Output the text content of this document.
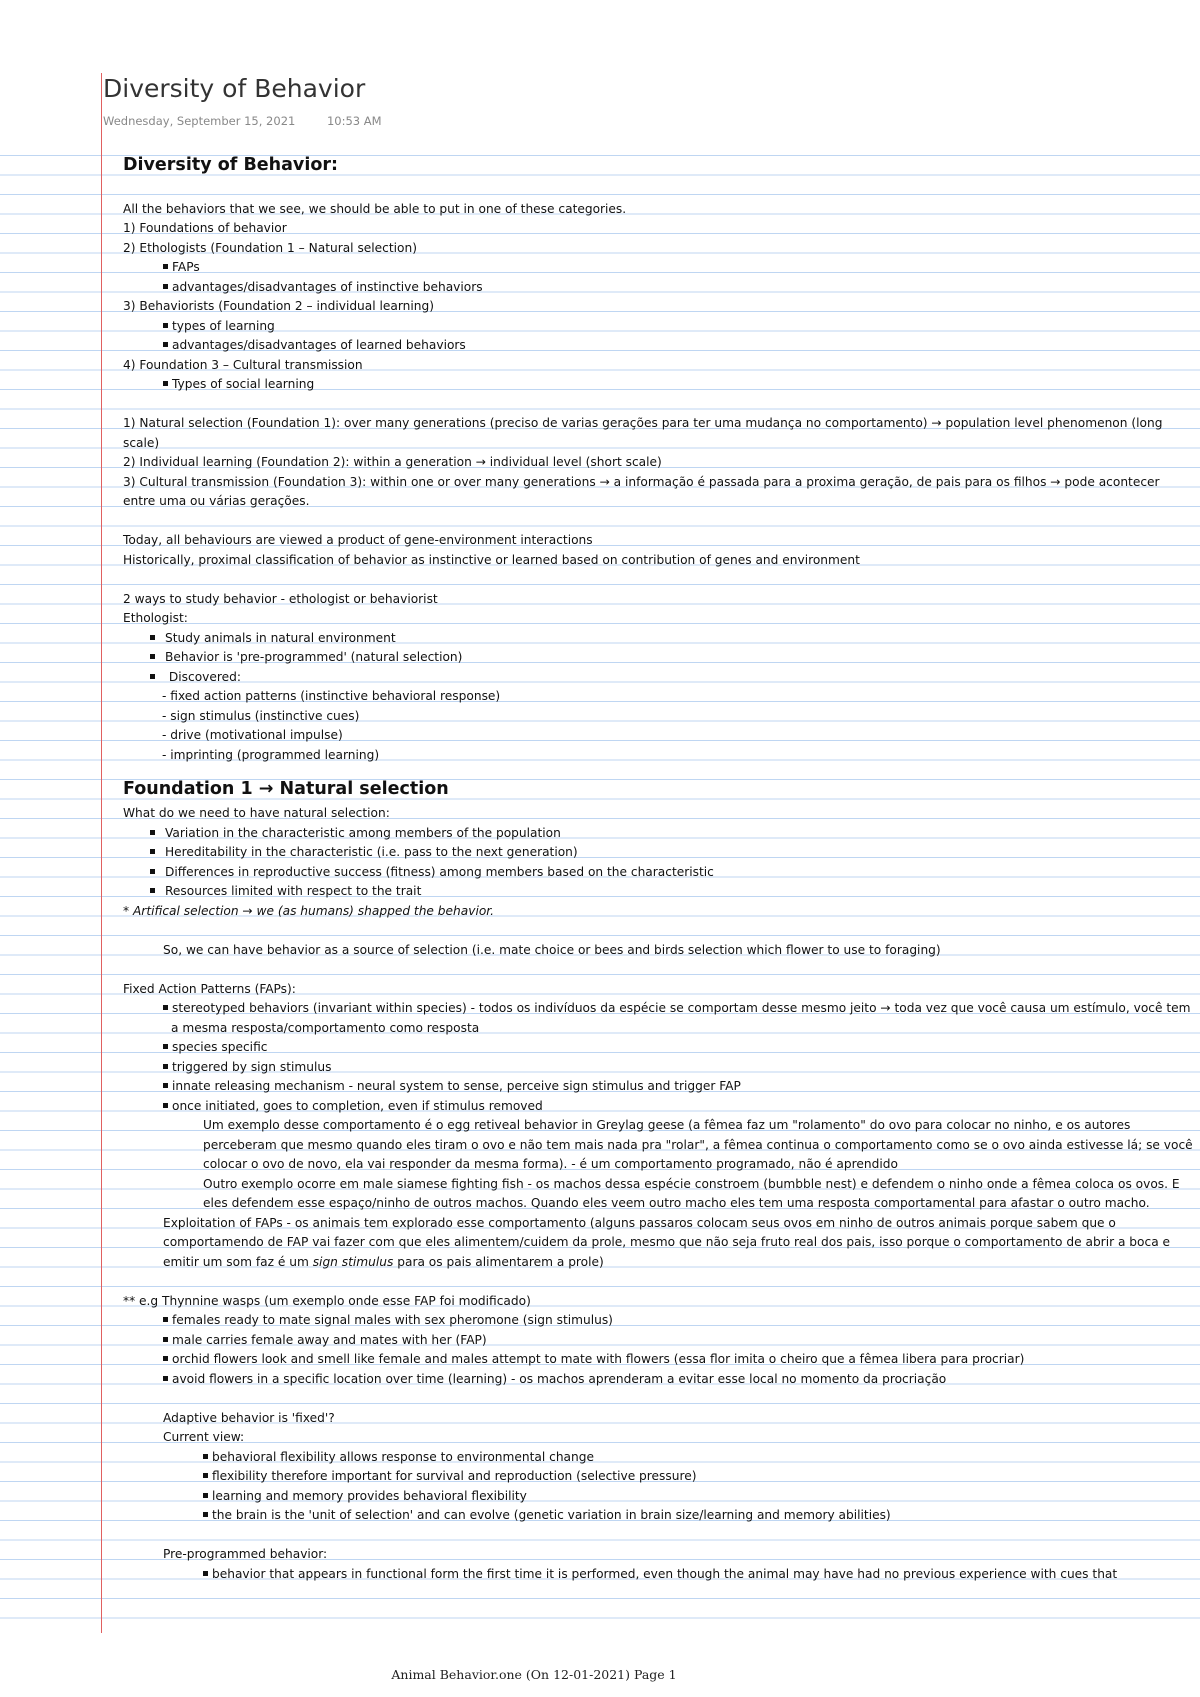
Diversity of Behavior
Wednesday, September 15, 2021	10:53 AM

Diversity of Behavior:

All the behaviors that we see, we should be able to put in one of these categories.

1) Foundations of behavior

2) Ethologists (Foundation 1 – Natural selection)

FAPs

advantages/disadvantages of instinctive behaviors

3) Behaviorists (Foundation 2 – individual learning)

types of learning

advantages/disadvantages of learned behaviors

4) Foundation 3 – Cultural transmission

Types of social learning

1) Natural selection (Foundation 1): over many generations (preciso de varias gerações para ter uma mudança no comportamento) → population level phenomenon (long scale)

2) Individual learning (Foundation 2): within a generation → individual level (short scale)

3) Cultural transmission (Foundation 3): within one or over many generations → a informação é passada para a proxima geração, de pais para os filhos → pode acontecer entre uma ou várias gerações.

Today, all behaviours are viewed a product of gene-environment interactions

Historically, proximal classification of behavior as instinctive or learned based on contribution of genes and environment

2 ways to study behavior - ethologist or behaviorist

Ethologist:

Study animals in natural environment

Behavior is 'pre-programmed' (natural selection)

Discovered:

- fixed action patterns (instinctive behavioral response)

- sign stimulus (instinctive cues)

- drive (motivational impulse)

- imprinting (programmed learning)

Foundation 1 → Natural selection

What do we need to have natural selection:

Variation in the characteristic among members of the population

Hereditability in the characteristic (i.e. pass to the next generation)

Differences in reproductive success (fitness) among members based on the characteristic

Resources limited with respect to the trait

* Artifical selection → we (as humans) shapped the behavior.

So, we can have behavior as a source of selection (i.e. mate choice or bees and birds selection which flower to use to foraging)

Fixed Action Patterns (FAPs):

stereotyped behaviors (invariant within species) - todos os indivíduos da espécie se comportam desse mesmo jeito → toda vez que você causa um estímulo, você tem a mesma resposta/comportamento como resposta

species specific

triggered by sign stimulus

innate releasing mechanism - neural system to sense, perceive sign stimulus and trigger FAP

once initiated, goes to completion, even if stimulus removed

Um exemplo desse comportamento é o egg retiveal behavior in Greylag geese (a fêmea faz um "rolamento" do ovo para colocar no ninho, e os autores perceberam que mesmo quando eles tiram o ovo e não tem mais nada pra "rolar", a fêmea continua o comportamento como se o ovo ainda estivesse lá; se você colocar o ovo de novo, ela vai responder da mesma forma). - é um comportamento programado, não é aprendido

Outro exemplo ocorre em male siamese fighting fish - os machos dessa espécie constroem (bumbble nest) e defendem o ninho onde a fêmea coloca os ovos. E eles defendem esse espaço/ninho de outros machos. Quando eles veem outro macho eles tem uma resposta comportamental para afastar o outro macho.

Exploitation of FAPs - os animais tem explorado esse comportamento (alguns passaros colocam seus ovos em ninho de outros animais porque sabem que o comportamendo de FAP vai fazer com que eles alimentem/cuidem da prole, mesmo que não seja fruto real dos pais, isso porque o comportamento de abrir a boca e emitir um som faz é um sign stimulus para os pais alimentarem a prole)

** e.g Thynnine wasps (um exemplo onde esse FAP foi modificado)

females ready to mate signal males with sex pheromone (sign stimulus)

male carries female away and mates with her (FAP)

orchid flowers look and smell like female and males attempt to mate with flowers (essa flor imita o cheiro que a fêmea libera para procriar)

avoid flowers in a specific location over time (learning) - os machos aprenderam a evitar esse local no momento da procriação

Adaptive behavior is 'fixed'?

Current view:

behavioral flexibility allows response to environmental change

flexibility therefore important for survival and reproduction (selective pressure)

learning and memory provides behavioral flexibility

the brain is the 'unit of selection' and can evolve (genetic variation in brain size/learning and memory abilities)

Pre-programmed behavior:

behavior that appears in functional form the first time it is performed, even though the animal may have had no previous experience with cues that

Animal Behavior.one (On 12-01-2021) Page 1
